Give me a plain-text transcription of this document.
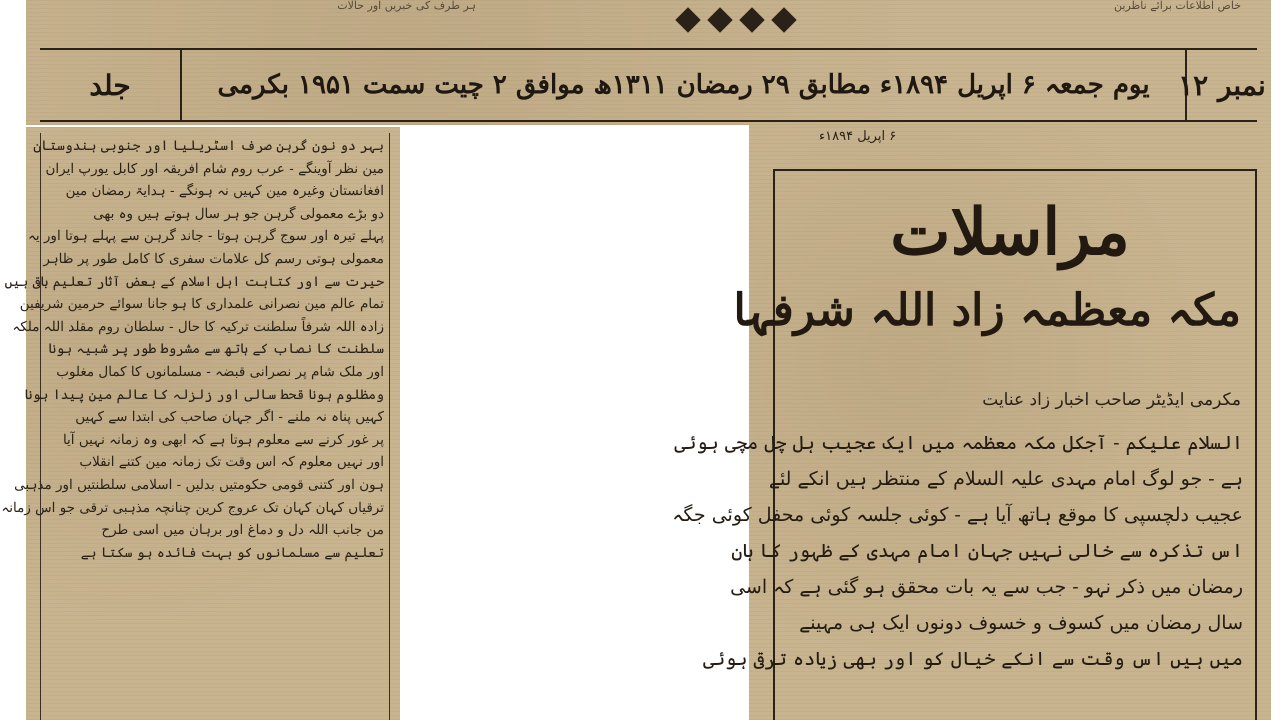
ہر طرف کی خبریں اور حالات	خاص اطلاعات برائے ناظرین
نمبر ١٢
یوم جمعہ ۶ اپریل ۱۸۹۴ء مطابق ۲۹ رمضان ۱۳۱۱ھ موافق ۲ چیت سمت ۱۹۵۱ بکرمی
جلد
بہر دو نون گرہن صرف اسٹریلیا اور جنوبی ہندوستان
مین نظر آوینگے - عرب روم شام افریقہ اور کابل یورپ ایران
افغانستان وغیرہ مین کہیں نہ ہونگے - ہدایۃ رمضان مین
دو بڑے معمولی گرہن جو ہر سال ہوتے ہیں وہ بھی
پہلے تیرہ اور سوج گرہن ہوتا - جاند گرہن سے پہلے ہوتا اور یہ
معمولی ہوتی رسم کل علامات سفری کا کامل طور پر ظاہر
حیرت سے اور کتابت اہل اسلام کے بعض آثار تعلیم باقی ہیں
تمام عالم مین نصرانی علمداری کا ہو جانا سوائے حرمین شریفین
زادہ اللہ شرفاً سلطنت ترکیہ کا حال - سلطان روم مقلد اللہ ملکہ
سلطنت کا نصاب کے ہاتھ سے مشروط طور پر شبیہ ہونا
اور ملک شام پر نصرانی قبضہ - مسلمانوں کا کمال مغلوب
ومظلوم ہونا قحط سالی اور زلزلہ کا عالم مین پیدا ہونا
کہیں پناہ نہ ملنے - اگر جہان صاحب کی ابتدا سے کہیں
پر غور کرنے سے معلوم ہوتا ہے کہ ابھی وہ زمانہ نہیں آیا
اور نہیں معلوم کہ اس وقت تک زمانہ مین کتنے انقلاب
ہون اور کتنی قومی حکومتیں بدلیں - اسلامی سلطنتیں اور مذہبی
ترقیاں کہان کہان تک عروج کرین چنانچہ مذہبی ترقی جو اس زمانہ
من جانب اللہ دل و دماغ اور برہان میں اسی طرح
تعلیم سے مسلمانوں کو بہت فائدہ ہو سکتا ہے
۶ اپریل ۱۸۹۴ء
مراسلات
مکہ معظمہ زاد اللہ شرفہا
مکرمی ایڈیٹر صاحب اخبار زاد عنایت
السلام علیکم - آجکل مکہ معظمہ میں ایک عجیب ہل چل مچی ہوئی
ہے - جو لوگ امام مہدی علیہ السلام کے منتظر ہیں انکے لئے
عجیب دلچسپی کا موقع ہاتھ آیا ہے - کوئی جلسہ کوئی محفل کوئی جگہ
اس تذکرہ سے خالی نہیں جہان امام مہدی کے ظہور کا ہان
رمضان میں ذکر نہو - جب سے یہ بات محقق ہو گئی ہے کہ اسی
سال رمضان میں کسوف و خسوف دونوں ایک ہی مہینے
میں ہیں اس وقت سے انکے خیال کو اور بھی زیادہ ترقی ہوئی
